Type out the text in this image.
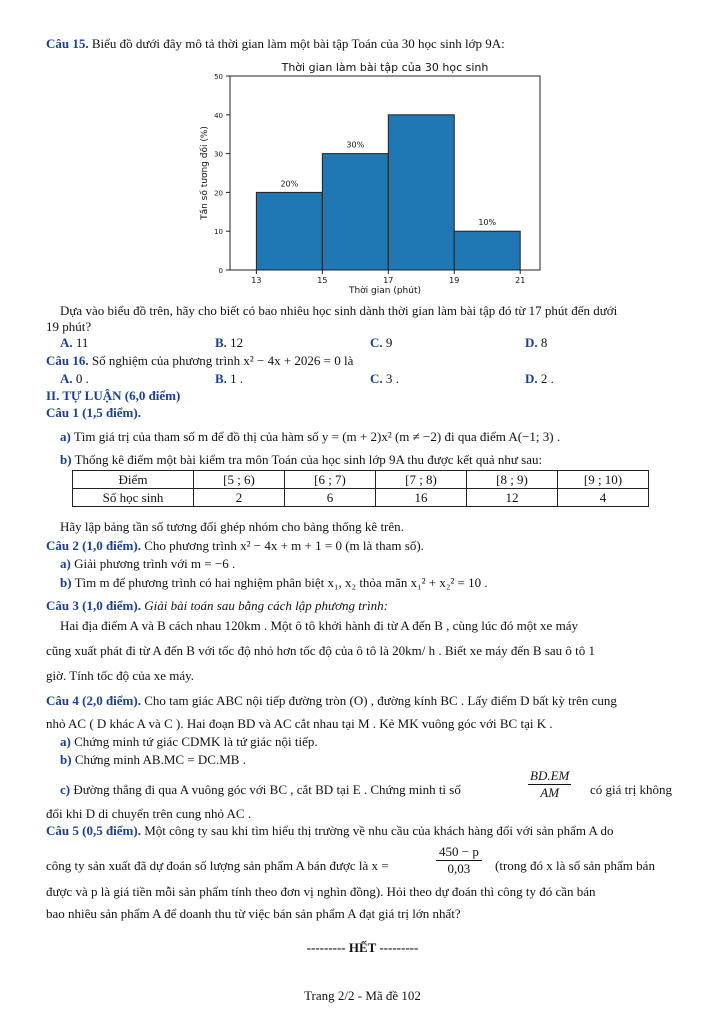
Câu 15. Biểu đồ dưới đây mô tả thời gian làm một bài tập Toán của 30 học sinh lớp 9A:
Thời gian làm bài tập của 30 học sinh
0
10
20
30
40
50
20%
30%
10%
13	15	17	19	21
Thời gian (phút)
Tần số tương đối (%)
Dựa vào biểu đồ trên, hãy cho biết có bao nhiêu học sinh dành thời gian làm bài tập đó từ 17 phút đến dưới
19 phút?
A. 11	B. 12	C. 9	D. 8
Câu 16. Số nghiệm của phương trình x² − 4x + 2026 = 0 là
A. 0 .	B. 1 .	C. 3 .	D. 2 .
II. TỰ LUẬN (6,0 điểm)
Câu 1 (1,5 điểm).
a) Tìm giá trị của tham số m để đồ thị của hàm số y = (m + 2)x² (m ≠ −2) đi qua điểm A(−1; 3) .
b) Thống kê điểm một bài kiểm tra môn Toán của học sinh lớp 9A thu được kết quả như sau:
Điểm	[5 ; 6)	[6 ; 7)	[7 ; 8)	[8 ; 9)	[9 ; 10)
Số học sinh	2	6	16	12	4
Hãy lập bảng tần số tương đối ghép nhóm cho bảng thống kê trên.
Câu 2 (1,0 điểm). Cho phương trình x² − 4x + m + 1 = 0 (m là tham số).
a) Giải phương trình với m = −6 .
b) Tìm m để phương trình có hai nghiệm phân biệt x₁, x₂ thỏa mãn x₁² + x₂² = 10 .
Câu 3 (1,0 điểm). Giải bài toán sau bằng cách lập phương trình:
Hai địa điểm A và B cách nhau 120km . Một ô tô khởi hành đi từ A đến B , cùng lúc đó một xe máy
cũng xuất phát đi từ A đến B với tốc độ nhỏ hơn tốc độ của ô tô là 20km/ h . Biết xe máy đến B sau ô tô 1
giờ. Tính tốc độ của xe máy.
Câu 4 (2,0 điểm). Cho tam giác ABC nội tiếp đường tròn (O) , đường kính BC . Lấy điểm D bất kỳ trên cung
nhỏ AC ( D khác A và C ). Hai đoạn BD và AC cắt nhau tại M . Kẻ MK vuông góc với BC tại K .
a) Chứng minh tứ giác CDMK là tứ giác nội tiếp.
b) Chứng minh AB.MC = DC.MB .
c) Đường thẳng đi qua A vuông góc với BC , cắt BD tại E . Chứng minh tỉ số
BD.EM
AM	có giá trị không
đổi khi D di chuyển trên cung nhỏ AC .
Câu 5 (0,5 điểm). Một công ty sau khi tìm hiểu thị trường về nhu cầu của khách hàng đối với sản phẩm A do
công ty sản xuất đã dự đoán số lượng sản phẩm A bán được là x =
450 − p
0,03	(trong đó x là số sản phẩm bán
được và p là giá tiền mỗi sản phẩm tính theo đơn vị nghìn đồng). Hỏi theo dự đoán thì công ty đó cần bán
bao nhiêu sản phẩm A để doanh thu từ việc bán sản phẩm A đạt giá trị lớn nhất?
--------- HẾT ---------
Trang 2/2 - Mã đề 102
